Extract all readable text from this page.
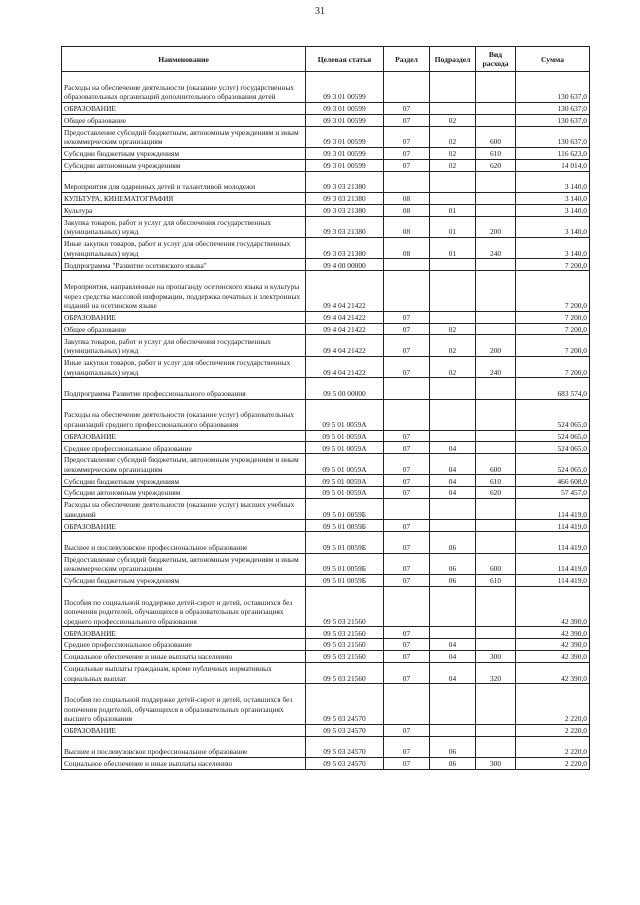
31
Наименование	Целевая статья	Раздел	Подраздел	Вид расхода	Сумма
Расходы на обеспечение деятельности (оказание услуг) государственных образовательных организаций дополнительного образования детей	09 3 01 00599				130 637,0
ОБРАЗОВАНИЕ	09 3 01 00599	07			130 637,0
Общее образование	09 3 01 00599	07	02		130 637,0
Предоставление субсидий бюджетным, автономным учреждениям и иным некоммерческим организациям	09 3 01 00599	07	02	600	130 637,0
Субсидии бюджетным учреждениям	09 3 01 00599	07	02	610	116 623,0
Субсидии автономным учреждениям	09 3 01 00599	07	02	620	14 014,0
Мероприятия для одаренных детей и талантливой молодежи	09 3 03 21380				3 140,0
КУЛЬТУРА, КИНЕМАТОГРАФИЯ	09 3 03 21380	08			3 140,0
Культура	09 3 03 21380	08	01		3 140,0
Закупка товаров, работ и услуг для обеспечения государственных (муниципальных) нужд	09 3 03 21380	08	01	200	3 140,0
Иные закупки товаров, работ и услуг для обеспечения государственных (муниципальных) нужд	09 3 03 21380	08	01	240	3 140,0
Подпрограмма "Развитие осетинского языка"	09 4 00 00000				7 200,0
Мероприятия, направленные на пропаганду осетинского языка и культуры через средства массовой информации, поддержка печатных и электронных изданий на осетинском языке	09 4 04 21422				7 200,0
ОБРАЗОВАНИЕ	09 4 04 21422	07			7 200,0
Общее образование	09 4 04 21422	07	02		7 200,0
Закупка товаров, работ и услуг для обеспечения государственных (муниципальных) нужд	09 4 04 21422	07	02	200	7 200,0
Иные закупки товаров, работ и услуг для обеспечения государственных (муниципальных) нужд	09 4 04 21422	07	02	240	7 200,0
Подпрограмма Развитие профессионального образования	09 5 00 00000				683 574,0
Расходы на обеспечение деятельности (оказание услуг) образовательных организаций среднего профессионального образования	09 5 01 0059А				524 065,0
ОБРАЗОВАНИЕ	09 5 01 0059А	07			524 065,0
Среднее профессиональное образование	09 5 01 0059А	07	04		524 065,0
Предоставление субсидий бюджетным, автономным учреждениям и иным некоммерческим организациям	09 5 01 0059А	07	04	600	524 065,0
Субсидии бюджетным учреждениям	09 5 01 0059А	07	04	610	466 608,0
Субсидии автономным учреждениям	09 5 01 0059А	07	04	620	57 457,0
Расходы на обеспечение деятельности (оказание услуг) высших учебных заведений	09 5 01 0059Б				114 419,0
ОБРАЗОВАНИЕ	09 5 01 0059Б	07			114 419,0
Высшее и послевузовское профессиональное образование	09 5 01 0059Б	07	06		114 419,0
Предоставление субсидий бюджетным, автономным учреждениям и иным некоммерческим организациям	09 5 01 0059Б	07	06	600	114 419,0
Субсидии бюджетным учреждениям	09 5 01 0059Б	07	06	610	114 419,0
Пособия по социальной поддержке детей-сирот и детей, оставшихся без попечения родителей, обучающихся в образовательных организациях среднего профессионального образования	09 5 03 21560				42 390,0
ОБРАЗОВАНИЕ	09 5 03 21560	07			42 390,0
Среднее профессиональное образование	09 5 03 21560	07	04		42 390,0
Социальное обеспечение и иные выплаты населению	09 5 03 21560	07	04	300	42 390,0
Социальные выплаты гражданам, кроме публичных нормативных социальных выплат	09 5 03 21560	07	04	320	42 390,0
Пособия по социальной поддержке детей-сирот и детей, оставшихся без попечения родителей, обучающихся в образовательных организациях высшего образования	09 5 03 24570				2 220,0
ОБРАЗОВАНИЕ	09 5 03 24570	07			2 220,0
Высшее и послевузовское профессиональное образование	09 5 03 24570	07	06		2 220,0
Социальное обеспечение и иные выплаты населению	09 5 03 24570	07	06	300	2 220,0
